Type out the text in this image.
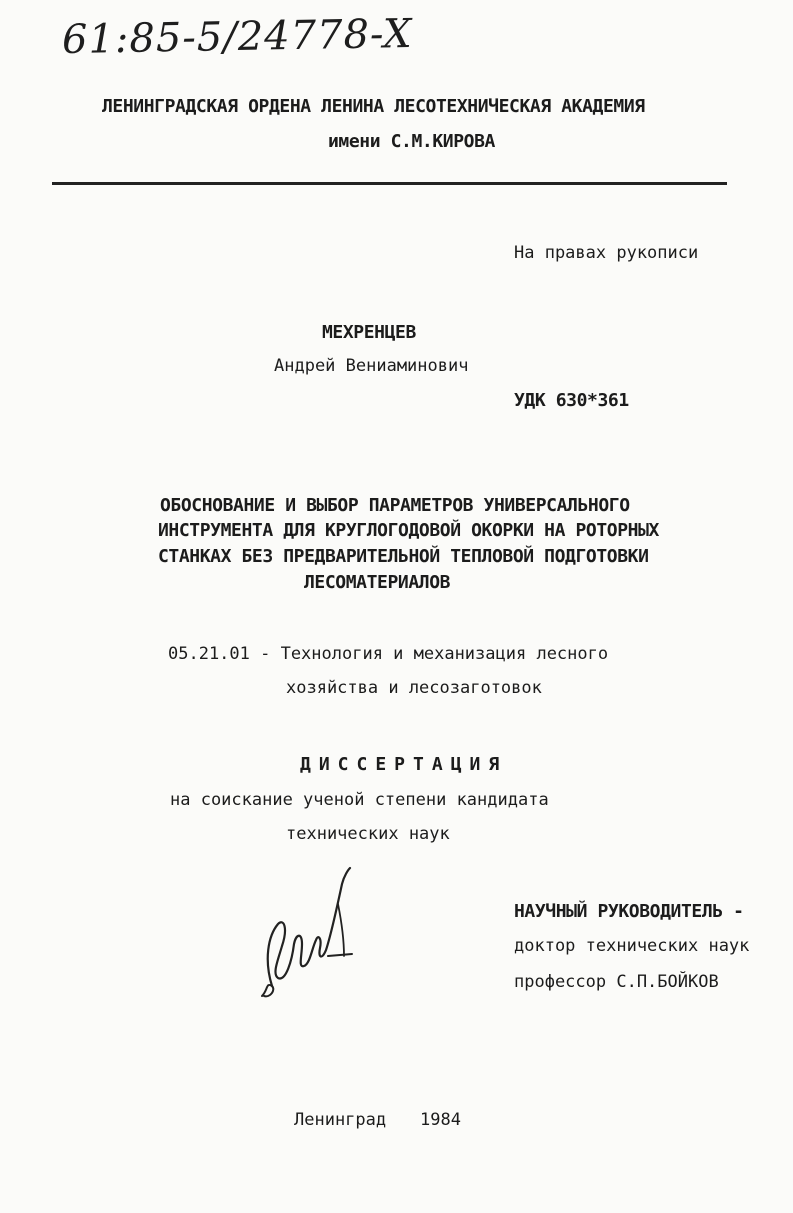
61:85-5/24778-X
ЛЕНИНГРАДСКАЯ ОРДЕНА ЛЕНИНА ЛЕСОТЕХНИЧЕСКАЯ АКАДЕМИЯ
имени С.М.КИРОВА
На правах рукописи
МЕХРЕНЦЕВ
Андрей Вениаминович
УДК 630*361
ОБОСНОВАНИЕ И ВЫБОР ПАРАМЕТРОВ УНИВЕРСАЛЬНОГО
ИНСТРУМЕНТА ДЛЯ КРУГЛОГОДОВОЙ ОКОРКИ НА РОТОРНЫХ
СТАНКАХ БЕЗ ПРЕДВАРИТЕЛЬНОЙ ТЕПЛОВОЙ ПОДГОТОВКИ
ЛЕСОМАТЕРИАЛОВ
05.21.01 - Технология и механизация лесного
хозяйства и лесозаготовок
ДИССЕРТАЦИЯ
на соискание ученой степени кандидата
технических наук
НАУЧНЫЙ РУКОВОДИТЕЛЬ -
доктор технических наук
профессор С.П.БОЙКОВ
Ленинград 1984
